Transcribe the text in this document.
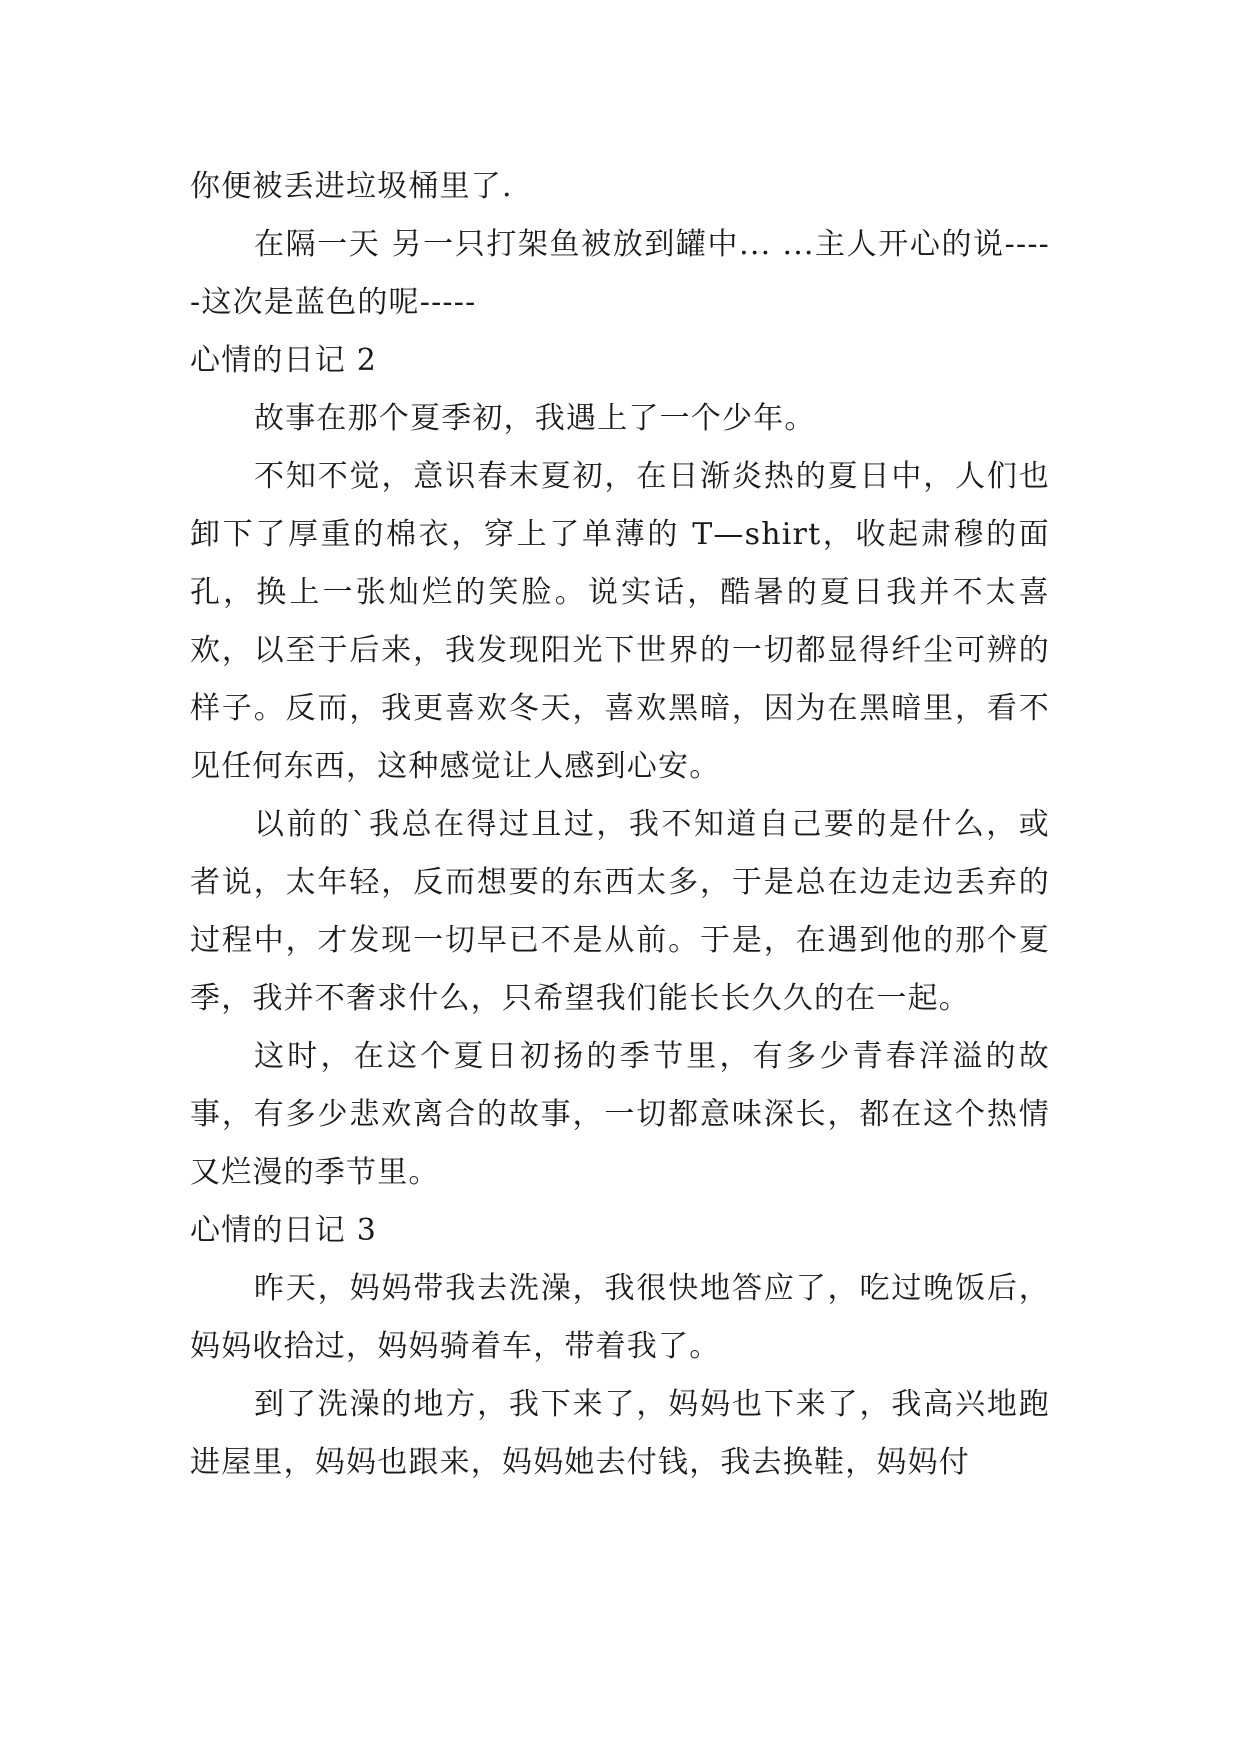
你便被丢进垃圾桶里了.

在隔一天 另一只打架鱼被放到罐中... ...主人开心的说-----这次是蓝色的呢-----

心情的日记 2

故事在那个夏季初，我遇上了一个少年。

不知不觉，意识春末夏初，在日渐炎热的夏日中，人们也卸下了厚重的棉衣，穿上了单薄的 T—shirt，收起肃穆的面孔，换上一张灿烂的笑脸。说实话，酷暑的夏日我并不太喜欢，以至于后来，我发现阳光下世界的一切都显得纤尘可辨的样子。反而，我更喜欢冬天，喜欢黑暗，因为在黑暗里，看不见任何东西，这种感觉让人感到心安。

以前的`我总在得过且过，我不知道自己要的是什么，或者说，太年轻，反而想要的东西太多，于是总在边走边丢弃的过程中，才发现一切早已不是从前。于是，在遇到他的那个夏季，我并不奢求什么，只希望我们能长长久久的在一起。

这时，在这个夏日初扬的季节里，有多少青春洋溢的故事，有多少悲欢离合的故事，一切都意味深长，都在这个热情又烂漫的季节里。

心情的日记 3

昨天，妈妈带我去洗澡，我很快地答应了，吃过晚饭后，妈妈收拾过，妈妈骑着车，带着我了。

到了洗澡的地方，我下来了，妈妈也下来了，我高兴地跑进屋里，妈妈也跟来，妈妈她去付钱，我去换鞋，妈妈付
